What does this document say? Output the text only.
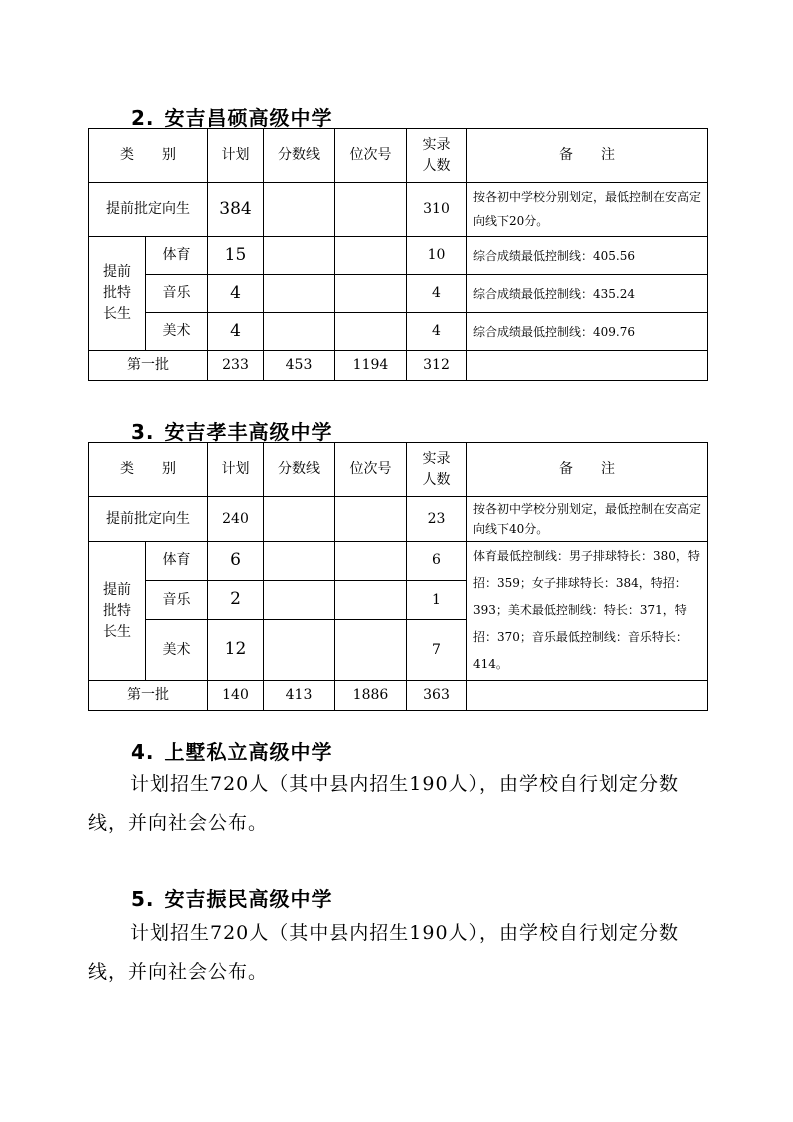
2. 安吉昌硕高级中学
类　　别		计划	分数线	位次号	实录人数	备　　注
提前批定向生		384			310	按各初中学校分别划定，最低控制在安高定向线下20分。
提前批特长生	体育	15			10	综合成绩最低控制线：405.56
	音乐	4			4	综合成绩最低控制线：435.24
	美术	4			4	综合成绩最低控制线：409.76
第一批		233	453	1194	312	
3. 安吉孝丰高级中学
类　　别		计划	分数线	位次号	实录人数	备　　注
提前批定向生		240			23	按各初中学校分别划定，最低控制在安高定向线下40分。
提前批特长生	体育	6			6	体育最低控制线：男子排球特长：380，特招：359；女子排球特长：384，特招：393；美术最低控制线：特长：371，特招：370；音乐最低控制线：音乐特长：414。
	音乐	2			1	
	美术	12			7	
第一批		140	413	1886	363	
4. 上墅私立高级中学
计划招生720人（其中县内招生190人），由学校自行划定分数线，并向社会公布。
5. 安吉振民高级中学
计划招生720人（其中县内招生190人），由学校自行划定分数线，并向社会公布。
